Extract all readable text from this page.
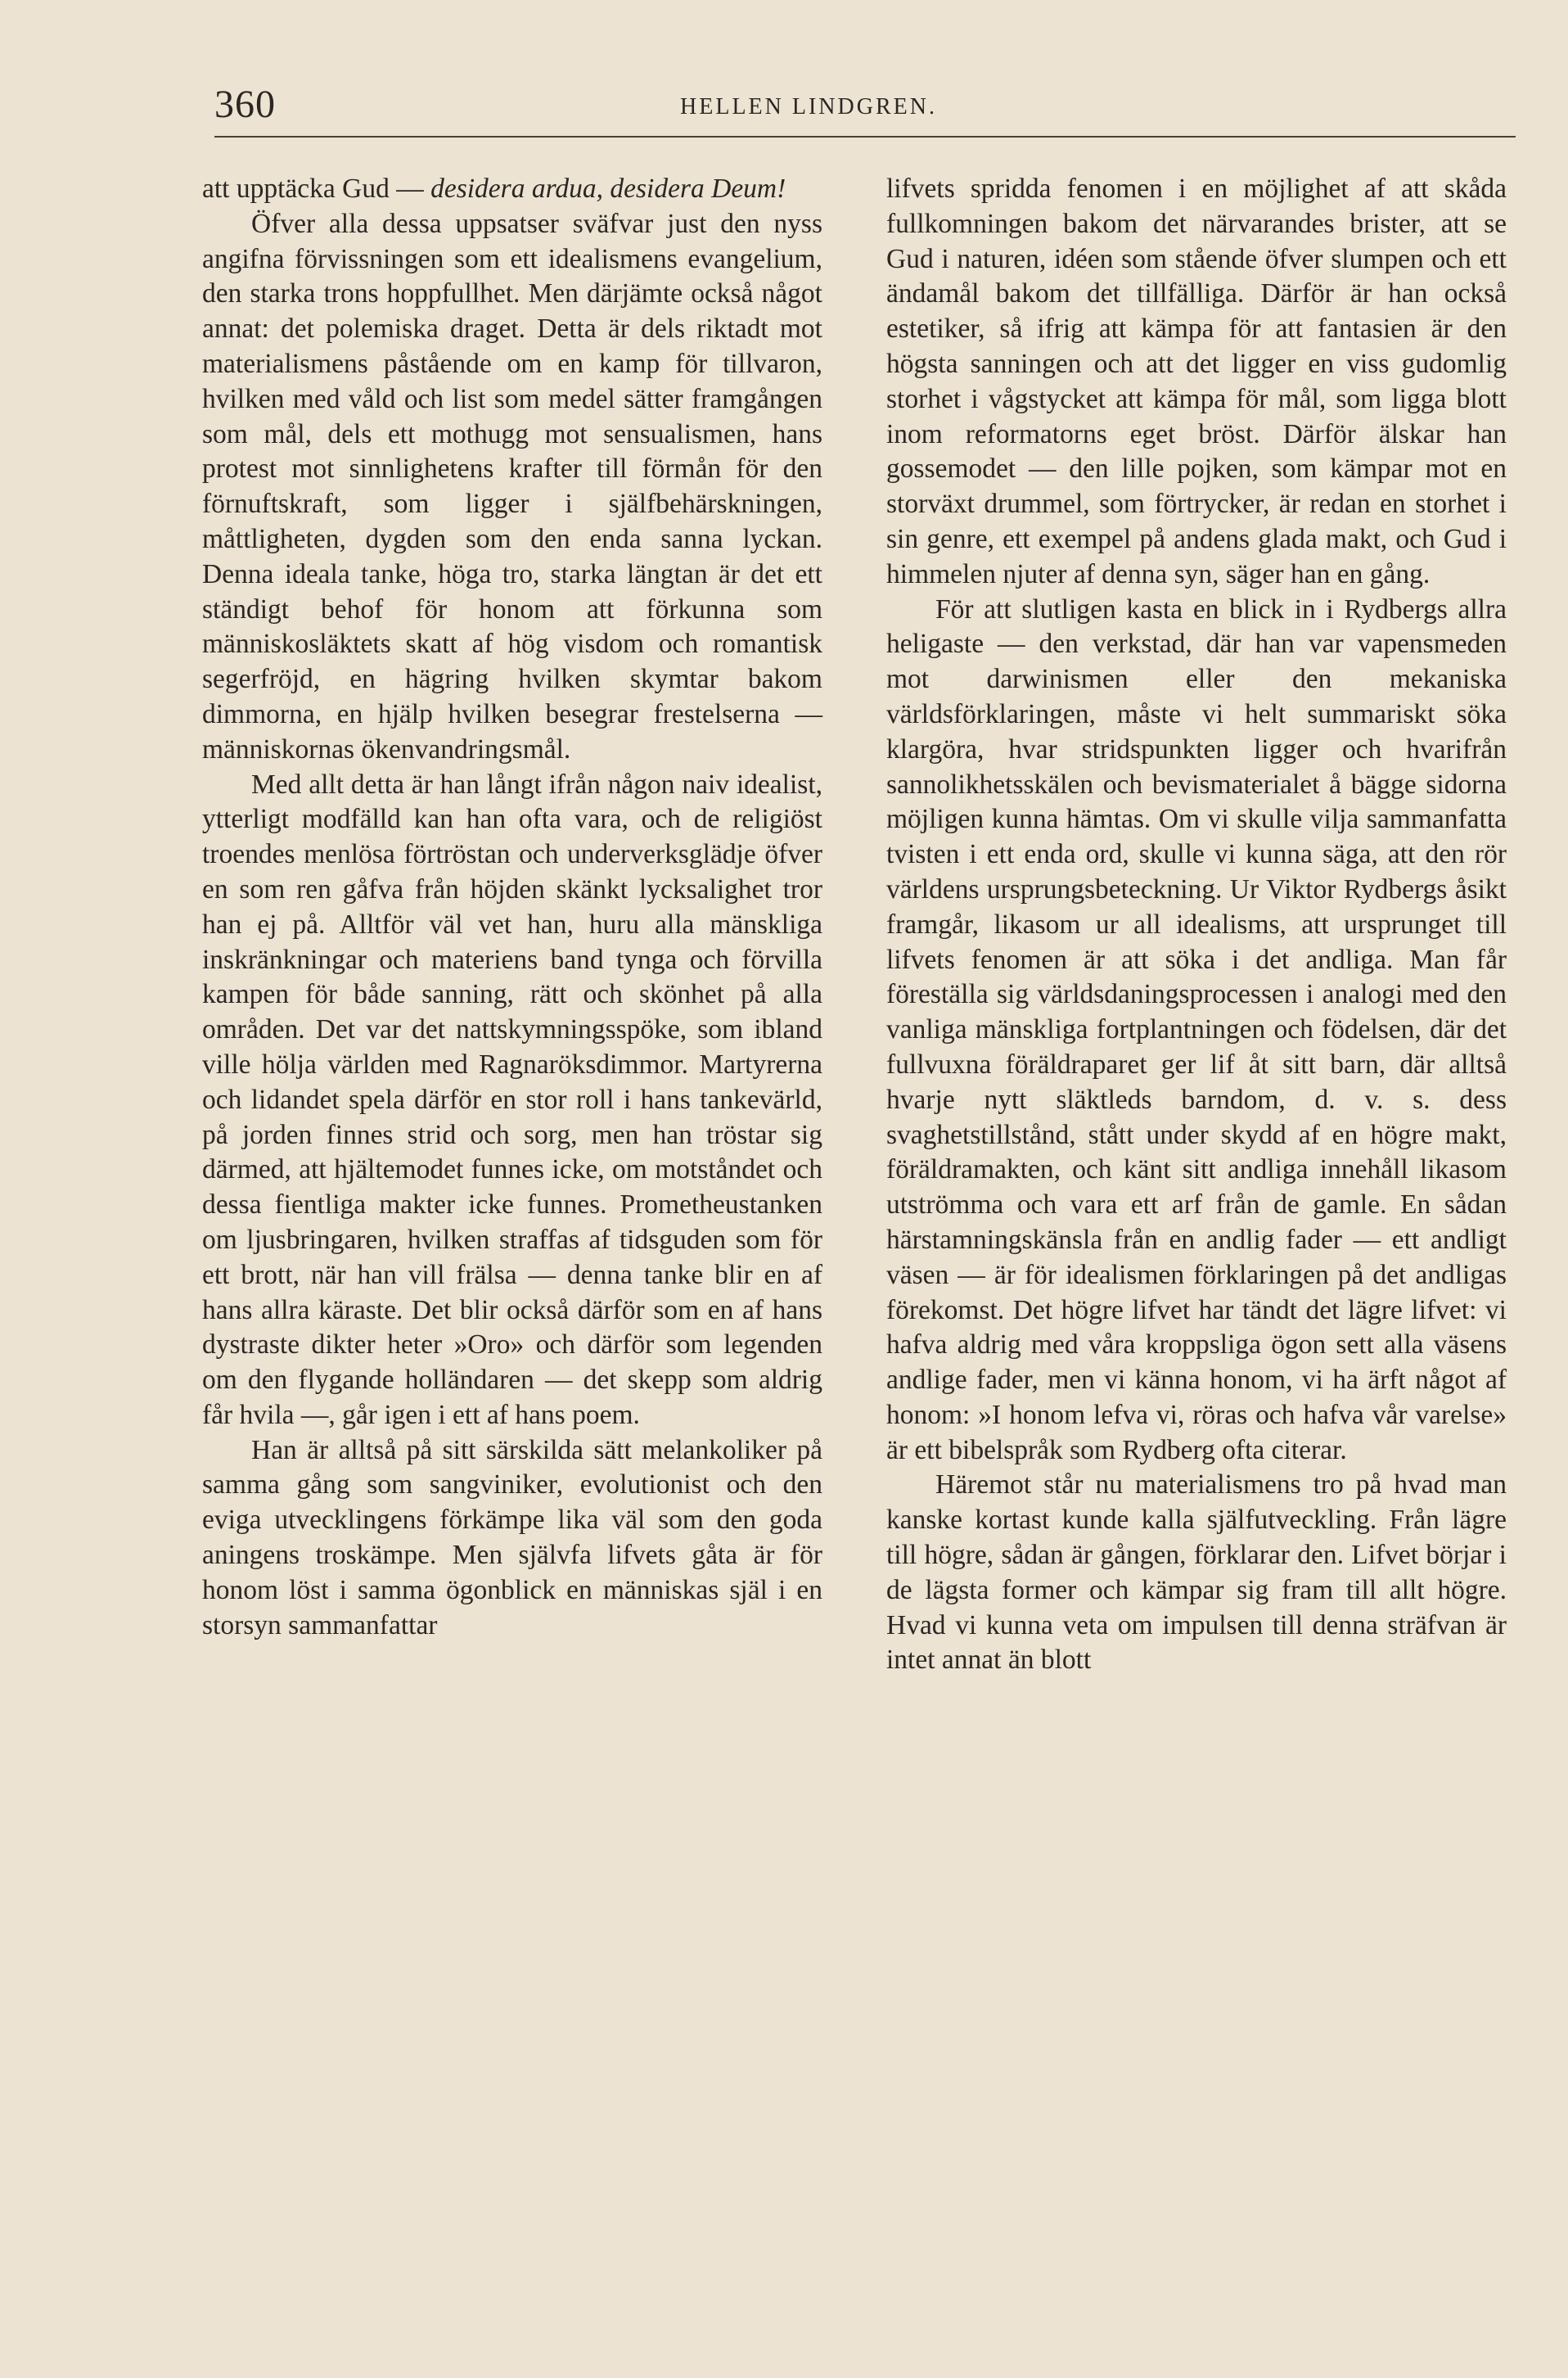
360	HELLEN LINDGREN.

att upptäcka Gud — desidera ardua, desidera Deum!

Öfver alla dessa uppsatser sväfvar just den nyss angifna förvissningen som ett idealismens evangelium, den starka trons hoppfullhet. Men därjämte också något annat: det polemiska draget. Detta är dels riktadt mot materialismens påstående om en kamp för tillvaron, hvilken med våld och list som medel sätter framgången som mål, dels ett mothugg mot sensualismen, hans protest mot sinnlighetens krafter till förmån för den förnuftskraft, som ligger i själfbehärskningen, måttligheten, dygden som den enda sanna lyckan. Denna ideala tanke, höga tro, starka längtan är det ett ständigt behof för honom att förkunna som människosläktets skatt af hög visdom och romantisk segerfröjd, en hägring hvilken skymtar bakom dimmorna, en hjälp hvilken besegrar frestelserna — människornas ökenvandringsmål.

Med allt detta är han långt ifrån någon naiv idealist, ytterligt modfälld kan han ofta vara, och de religiöst troendes menlösa förtröstan och underverksglädje öfver en som ren gåfva från höjden skänkt lycksalighet tror han ej på. Alltför väl vet han, huru alla mänskliga inskränkningar och materiens band tynga och förvilla kampen för både sanning, rätt och skönhet på alla områden. Det var det nattskymningsspöke, som ibland ville hölja världen med Ragnaröksdimmor. Martyrerna och lidandet spela därför en stor roll i hans tankevärld, på jorden finnes strid och sorg, men han tröstar sig därmed, att hjältemodet funnes icke, om motståndet och dessa fientliga makter icke funnes. Prometheustanken om ljusbringaren, hvilken straffas af tidsguden som för ett brott, när han vill frälsa — denna tanke blir en af hans allra käraste. Det blir också därför som en af hans dystraste dikter heter »Oro» och därför som legenden om den flygande holländaren — det skepp som aldrig får hvila —, går igen i ett af hans poem.

Han är alltså på sitt särskilda sätt melankoliker på samma gång som sangviniker, evolutionist och den eviga utvecklingens förkämpe lika väl som den goda aningens troskämpe. Men självfa lifvets gåta är för honom löst i samma ögonblick en människas själ i en storsyn sammanfattar

lifvets spridda fenomen i en möjlighet af att skåda fullkomningen bakom det närvarandes brister, att se Gud i naturen, idéen som stående öfver slumpen och ett ändamål bakom det tillfälliga. Därför är han också estetiker, så ifrig att kämpa för att fantasien är den högsta sanningen och att det ligger en viss gudomlig storhet i vågstycket att kämpa för mål, som ligga blott inom reformatorns eget bröst. Därför älskar han gossemodet — den lille pojken, som kämpar mot en storväxt drummel, som förtrycker, är redan en storhet i sin genre, ett exempel på andens glada makt, och Gud i himmelen njuter af denna syn, säger han en gång.

För att slutligen kasta en blick in i Rydbergs allra heligaste — den verkstad, där han var vapensmeden mot darwinismen eller den mekaniska världsförklaringen, måste vi helt summariskt söka klargöra, hvar stridspunkten ligger och hvarifrån sannolikhetsskälen och bevismaterialet å bägge sidorna möjligen kunna hämtas. Om vi skulle vilja sammanfatta tvisten i ett enda ord, skulle vi kunna säga, att den rör världens ursprungsbeteckning. Ur Viktor Rydbergs åsikt framgår, likasom ur all idealisms, att ursprunget till lifvets fenomen är att söka i det andliga. Man får föreställa sig världsdaningsprocessen i analogi med den vanliga mänskliga fortplantningen och födelsen, där det fullvuxna föräldraparet ger lif åt sitt barn, där alltså hvarje nytt släktleds barndom, d. v. s. dess svaghetstillstånd, stått under skydd af en högre makt, föräldramakten, och känt sitt andliga innehåll likasom utströmma och vara ett arf från de gamle. En sådan härstamningskänsla från en andlig fader — ett andligt väsen — är för idealismen förklaringen på det andligas förekomst. Det högre lifvet har tändt det lägre lifvet: vi hafva aldrig med våra kroppsliga ögon sett alla väsens andlige fader, men vi känna honom, vi ha ärft något af honom: »I honom lefva vi, röras och hafva vår varelse» är ett bibelspråk som Rydberg ofta citerar.

Häremot står nu materialismens tro på hvad man kanske kortast kunde kalla själfutveckling. Från lägre till högre, sådan är gången, förklarar den. Lifvet börjar i de lägsta former och kämpar sig fram till allt högre. Hvad vi kunna veta om impulsen till denna sträfvan är intet annat än blott
